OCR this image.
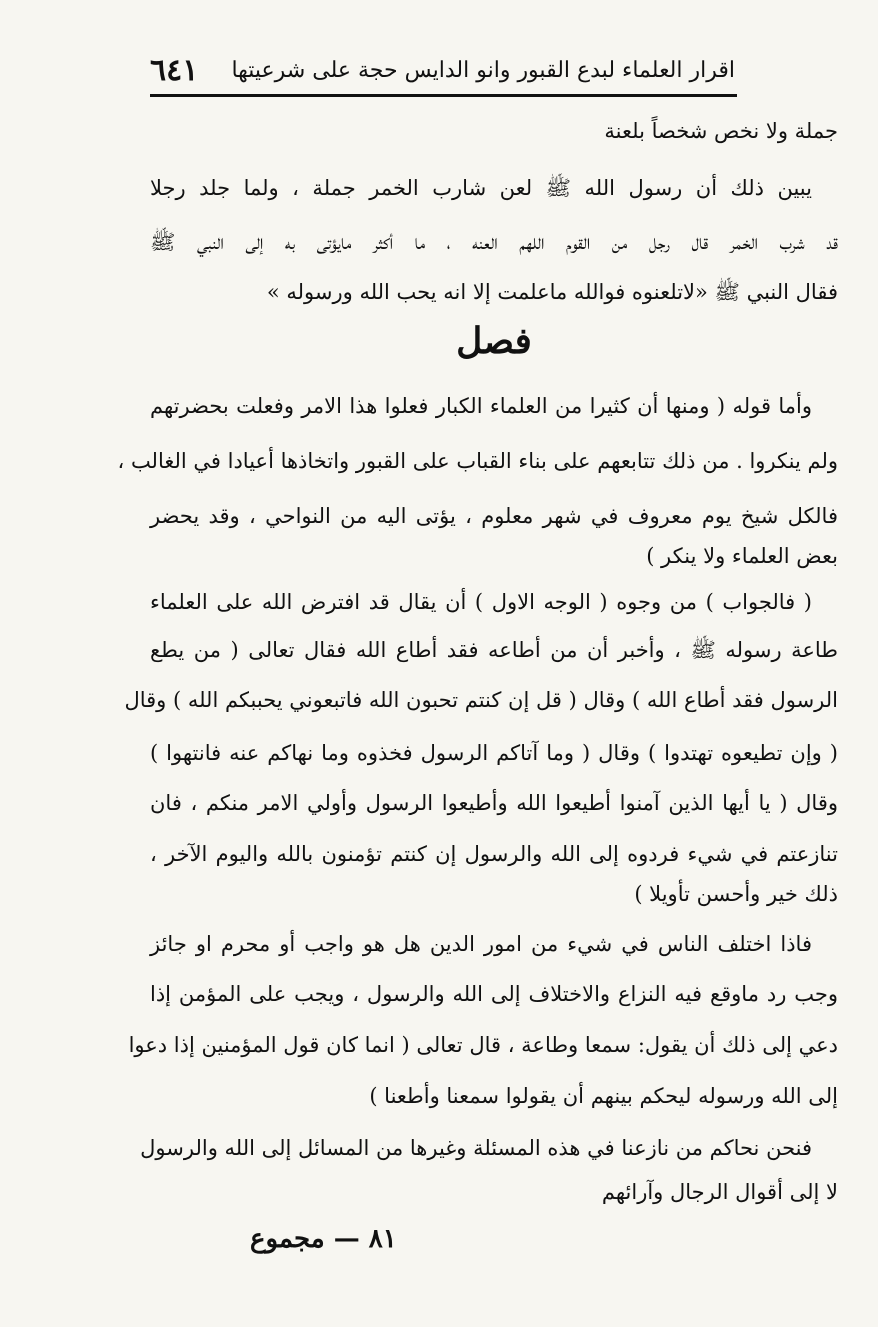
اقرار العلماء لبدع القبور وانو الدايس حجة على شرعيتها
٦٤١
جملة ولا نخص شخصاً بلعنة
يبين ذلك أن رسول الله ﷺ لعن شارب الخمر جملة ، ولما جلد رجلا
قد شرب الخمر قال رجل من القوم اللهم العنه ، ما أكثر مايؤتى به إلى النبي ﷺ
فقال النبي ﷺ «لاتلعنوه فوالله ماعلمت إلا انه يحب الله ورسوله »
فصل
وأما قوله ( ومنها أن كثيرا من العلماء الكبار فعلوا هذا الامر وفعلت بحضرتهم
ولم ينكروا . من ذلك تتابعهم على بناء القباب على القبور واتخاذها أعيادا في الغالب ،
فالكل شيخ يوم معروف في شهر معلوم ، يؤتى اليه من النواحي ، وقد يحضر
بعض العلماء ولا ينكر )
( فالجواب ) من وجوه ( الوجه الاول ) أن يقال قد افترض الله على العلماء
طاعة رسوله ﷺ ، وأخبر أن من أطاعه فقد أطاع الله فقال تعالى ( من يطع
الرسول فقد أطاع الله ) وقال ( قل إن كنتم تحبون الله فاتبعوني يحببكم الله ) وقال
( وإن تطيعوه تهتدوا ) وقال ( وما آتاكم الرسول فخذوه وما نهاكم عنه فانتهوا )
وقال ( يا أيها الذين آمنوا أطيعوا الله وأطيعوا الرسول وأولي الامر منكم ، فان
تنازعتم في شيء فردوه إلى الله والرسول إن كنتم تؤمنون بالله واليوم الآخر ،
ذلك خير وأحسن تأويلا )
فاذا اختلف الناس في شيء من امور الدين هل هو واجب أو محرم او جائز
وجب رد ماوقع فيه النزاع والاختلاف إلى الله والرسول ، ويجب على المؤمن إذا
دعي إلى ذلك أن يقول: سمعا وطاعة ، قال تعالى ( انما كان قول المؤمنين إذا دعوا
إلى الله ورسوله ليحكم بينهم أن يقولوا سمعنا وأطعنا )
فنحن نحاكم من نازعنا في هذه المسئلة وغيرها من المسائل إلى الله والرسول
لا إلى أقوال الرجال وآرائهم
٨١ — مجموع
